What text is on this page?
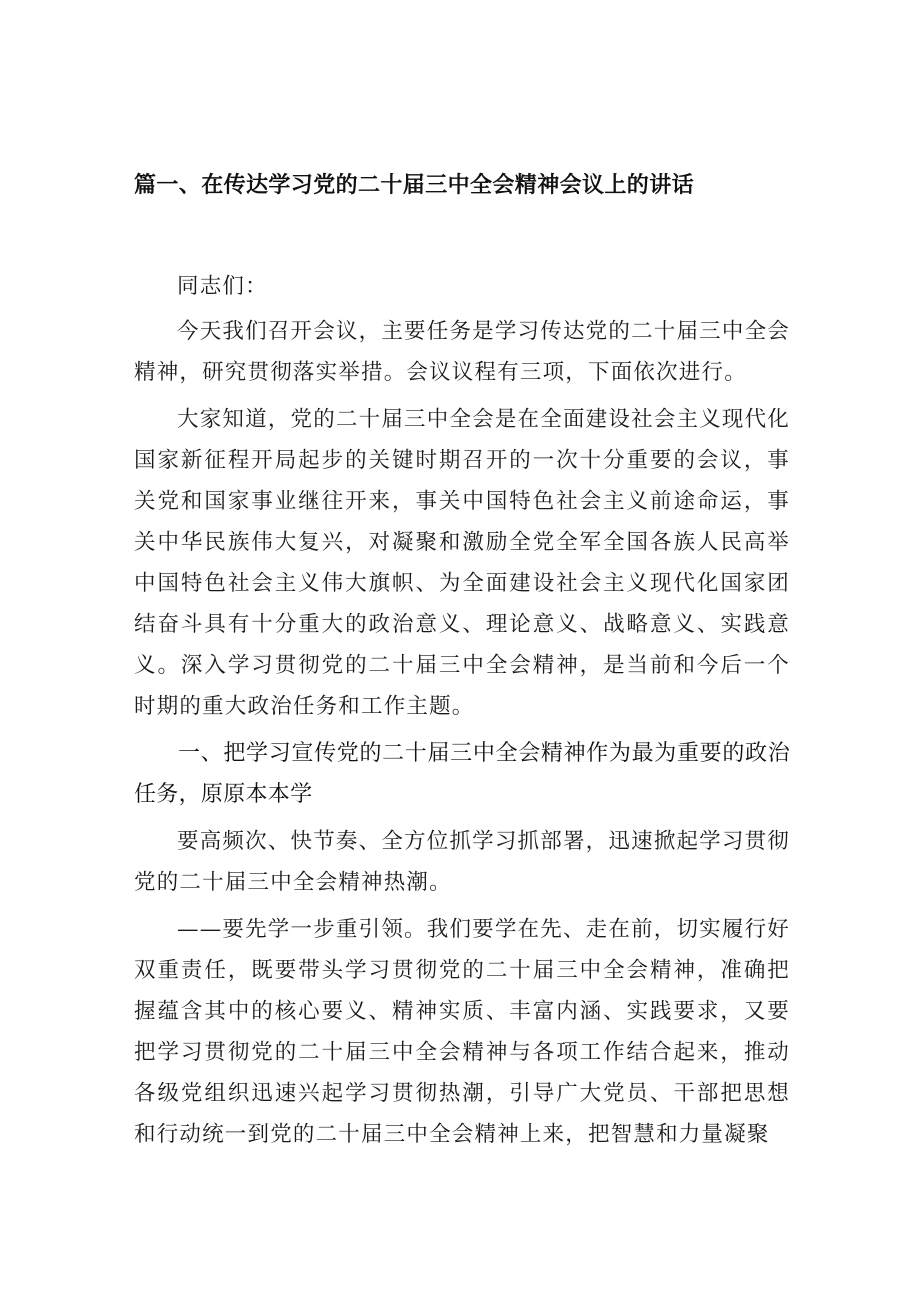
篇一、在传达学习党的二十届三中全会精神会议上的讲话

同志们：

今天我们召开会议，主要任务是学习传达党的二十届三中全会精神，研究贯彻落实举措。会议议程有三项，下面依次进行。

大家知道，党的二十届三中全会是在全面建设社会主义现代化国家新征程开局起步的关键时期召开的一次十分重要的会议，事关党和国家事业继往开来，事关中国特色社会主义前途命运，事关中华民族伟大复兴，对凝聚和激励全党全军全国各族人民高举中国特色社会主义伟大旗帜、为全面建设社会主义现代化国家团结奋斗具有十分重大的政治意义、理论意义、战略意义、实践意义。深入学习贯彻党的二十届三中全会精神，是当前和今后一个时期的重大政治任务和工作主题。

一、把学习宣传党的二十届三中全会精神作为最为重要的政治任务，原原本本学

要高频次、快节奏、全方位抓学习抓部署，迅速掀起学习贯彻党的二十届三中全会精神热潮。

——要先学一步重引领。我们要学在先、走在前，切实履行好双重责任，既要带头学习贯彻党的二十届三中全会精神，准确把握蕴含其中的核心要义、精神实质、丰富内涵、实践要求，又要把学习贯彻党的二十届三中全会精神与各项工作结合起来，推动各级党组织迅速兴起学习贯彻热潮，引导广大党员、干部把思想和行动统一到党的二十届三中全会精神上来，把智慧和力量凝聚
